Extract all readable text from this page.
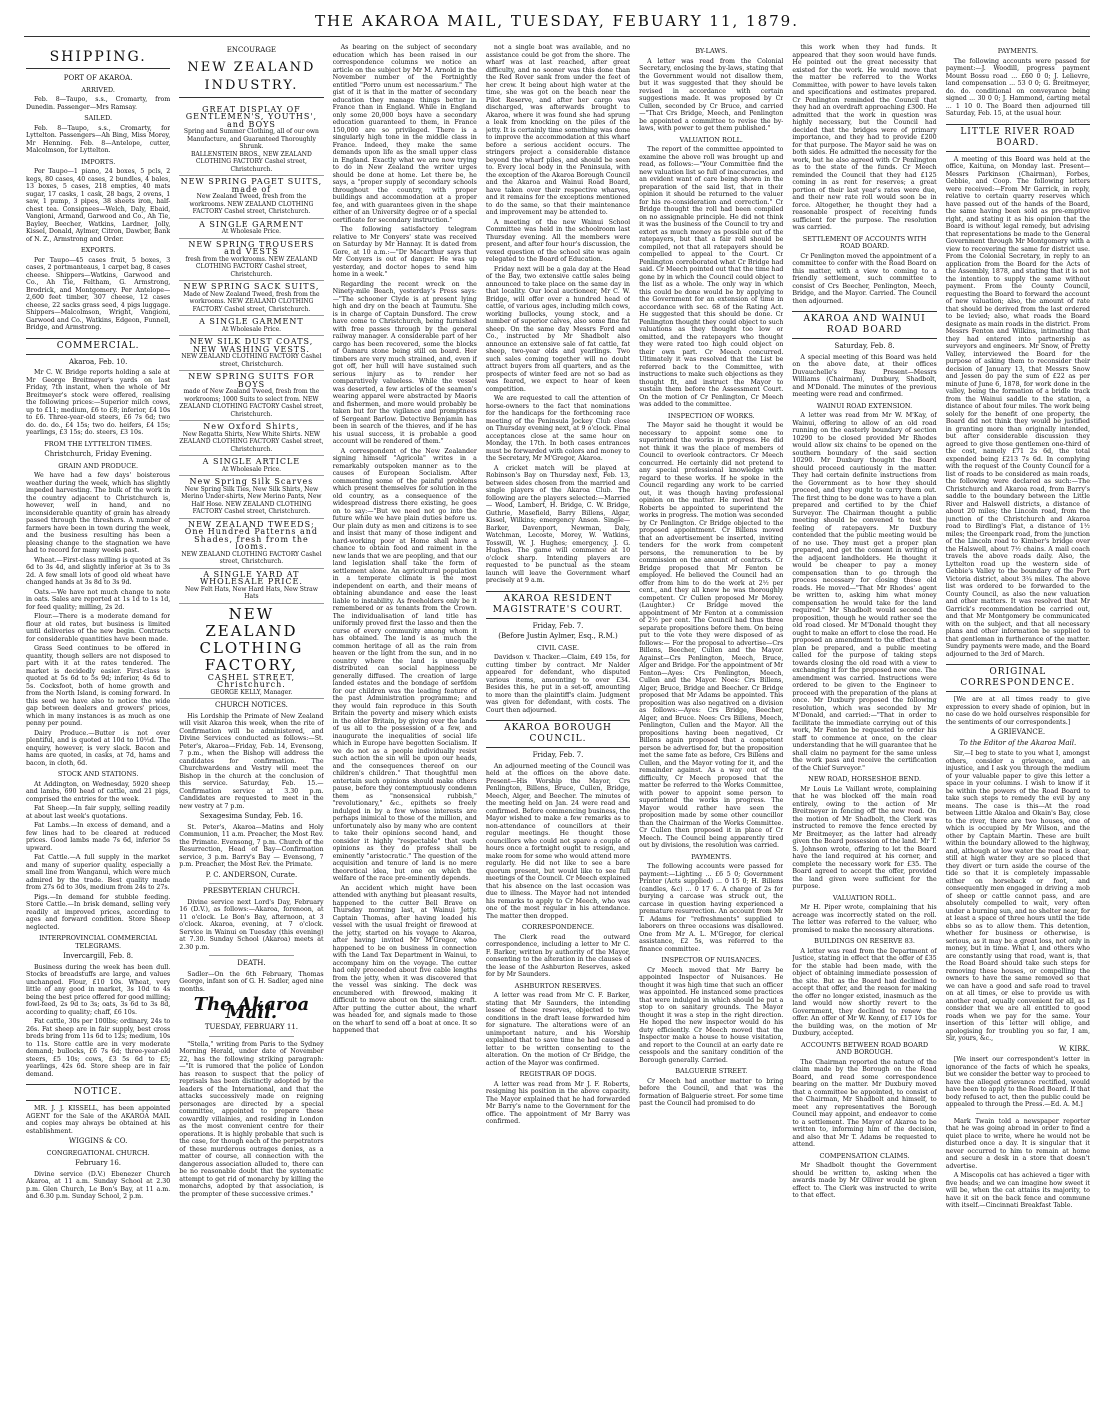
THE AKAROA MAIL, TUESDAY, FEBUARY 11, 1879.
SHIPPING.
PORT OF AKAROA.
ARRIVED.

Feb. 8—Taupo, s.s., Cromarty, from Dunedin. Passenger—Mrs Ramsay.

SAILED.

Feb. 8—Taupo, s.s., Cromarty, for Lyttelton. Passengers—Ah Bing, Miss Morey, Mr Henning. Feb. 8—Antelope, cutter, Malcolmson, for Lyttelton.

IMPORTS.

Per Taupo—1 piano, 24 boxes, 5 pcls, 2 kegs, 80 cases, 40 cases, 2 bundles, 4 bales, 13 boxes, 5 cases, 218 empties, 40 mats sugar, 17 casks, 1 cask, 28 bags, 2 ovens, 1 saw, 1 pump, 3 pipes, 38 sheets iron, half-chest tea. Consignees—Welch, Daly, Ebaid, Vangioni, Armand, Garwood and Co., Ah Tie, Bayley, Beecher, Watkins, Lardner, Jolly, Kissel, Donald, Aylmer, Citron, Dawber, Bank of N. Z., Armstrong and Order.

EXPORTS.

Per Taupo—45 cases fruit, 5 boxes, 3 cases, 2 portmanteaus, 1 carpet bag, 8 cases cheese. Shippers—Watkins, Garwood and Co., Ah Tie, Feltham, G. Armstrong, Brodrick, and Montgomery. Per Antelope—2,600 feet timber, 307 cheese, 12 cases cheese, 22 sacks grass seed, 4 pigs luggage. Shippers—Malcolmson, Wright, Vangioni, Garwood and Co., Watkins, Edgeon, Funnell, Bridge, and Armstrong.

COMMERCIAL.
Akaroa, Feb. 10.

Mr C. W. Bridge reports holding a sale at Mr George Breitmeyer's yards on last Friday, 7th instant, when the whole of Mr Breitmeyer's stock were offered, realising the following prices:—Superior milch cows, up to £11; medium, £6 to £8; inferior, £4 10s to £6. Three-year-old steers, £6 7s 6d; two do. do. do., £4 15s; two do. heifers, £4 15s; yearlings, £3 15s; do. steers, £3 10s.

FROM THE LYTTELTON TIMES.
Christchurch, Friday Evening.
GRAIN AND PRODUCE.

We have had a few days' boisterous weather during the week, which has slightly impeded harvesting. The bulk of the work in the country adjacent to Christchurch is, however, well in hand, and no inconsiderable quantity of grain has already passed through the threshers. A number of farmers have been in town during the week, and the business resulting has been a pleasing change to the stagnation we have had to record for many weeks past.

Wheat.—First-class milling is quoted at 3s 6d to 3s 4d, and slightly inferior at 3s to 3s 2d. A few small lots of good old wheat have changed hands at 3s 8d to 3s 9d.

Oats.—We have not much change to note in oats. Sales are reported at 1s 1d to 1s 1d, for feed quality; milling, 2s 2d.

Flour.—There is a moderate demand for flour at old rates, but business is limited until deliveries of the new begin. Contracts for considerable quantities have been made.

Grass Seed continues to be offered in quantity, though sellers are not disposed to part with it at the rates tendered. The market is decidedly easier. First-class is quoted at 5s 6d to 5s 9d; inferior, 4s 6d to 5s. Cocksfoot, both of home growth and from the North Island, is coming forward. In this seed we have also to notice the wide gap between dealers and growers' prices, which in many instances is as much as one penny per pound.

Dairy Produce.—Butter is not over plentiful, and is quoted at 10d to 10½d. The enquiry, however, is very slack. Bacon and hams are quoted, in casks, at 7d, hams and bacon, in cloth, 6d.

STOCK AND STATIONS.

At Addington, on Wednesday, 5920 sheep and lambs, 690 head of cattle, and 21 pigs, comprised the entries for the week.

Fat Sheep.—In fair supply, selling readily at about last week's quotations.

Fat Lambs.—In excess of demand, and a few lines had to be cleared at reduced prices. Good lambs made 7s 6d, inferior 5s upward.

Fat Cattle.—A full supply in the market and many of superior quality, especially a small line from Wanganui, which were much admired by the trade. Best quality made from 27s 6d to 30s, medium from 24s to 27s.

Pigs.—In demand for stubble feeding. Store Cattle.—In brisk demand, selling very readily at improved prices, according to ages and forward condition. Store Sheep neglected.

INTERPROVINCIAL COMMERCIAL TELEGRAMS.
Invercargill, Feb. 8.

Business during the week has been dull. Stocks of breadstuffs are large, and values unchanged. Flour, £10 10s. Wheat, very little of any good in market, 3s 10d to 4s being the best price offered for good milling; fowl-feed, 2s 9d to 3s; oats, 3s 6d to 3s 8d, according to quality; chaff, £6 10s.

Fat cattle, 30s per 100lbs; ordinary, 24s to 26s. Fat sheep are in fair supply, best cross breds bring from 11s 6d to 12s; medium, 10s to 11s. Store cattle are in very moderate demand; bullocks, £6 7s 6d; three-year-old steers, £5 10s; cows, £3 5s 6d to £5; yearlings, 42s 6d. Store sheep are in fair demand.

NOTICE.

MR. J. J. KISSELL, has been appointed AGENT for the Sale of the AKAROA MAIL and copies may always be obtained at his establishment.

WIGGINS & CO.
CONGREGATIONAL CHURCH.
February 16.

Divine service (D.V.) Ebenezer Church Akaroa, at 11 a.m. Sunday School at 2.30 p.m. Glen Church, Le Bon's Bay, at 11 a.m. and 6.30 p.m. Sunday School, 2 p.m.

ENCOURAGE
NEW ZEALAND INDUSTRY.
GREAT DISPLAY OF GENTLEMEN'S, YOUTHS', and BOYS
Spring and Summer Clothing, all of our own Manufacture, and Guaranteed Thoroughly Shrunk.
BALLENSTEIN BROS., NEW ZEALAND CLOTHING FACTORY Cashel street, Christchurch.
NEW SPRING PAGET SUITS, made of
New Zealand Tweed, fresh from the workrooms. NEW ZEALAND CLOTHING FACTORY Cashel street, Christchurch.
A SINGLE GARMENT
At Wholesale Price.
NEW SPRING TROUSERS and VESTS
fresh from the workrooms. NEW ZEALAND CLOTHING FACTORY Cashel street, Christchurch.
NEW SPRING SACK SUITS,
Made of New Zealand Tweed, fresh from the workrooms. NEW ZEALAND CLOTHING FACTORY Cashel street, Christchurch.
A SINGLE GARMENT
At Wholesale Price.
NEW SILK DUST COATS, NEW WASHING VESTS.
NEW ZEALAND CLOTHING FACTORY Cashel street, Christchurch.
NEW SPRING SUITS FOR BOYS
made of New Zealand Tweed, fresh from the workrooms; 1000 Suits to select from. NEW ZEALAND CLOTHING FACTORY Cashel street, Christchurch.
New Oxford Shirts,
New Regatta Shirts, New White Shirts. NEW ZEALAND CLOTHING FACTORY Cashel street, Christchurch.
A SINGLE ARTICLE
At Wholesale Price.
New Spring Silk Scarves
New Spring Silk Ties, New Silk Shirts, New Merino Under-shirts, New Merino Pants, New Half Hose. NEW ZEALAND CLOTHING FACTORY Cashel street, Christchurch.
NEW ZEALAND TWEEDS; One Hundred Patterns and Shades, fresh from the looms.
NEW ZEALAND CLOTHING FACTORY Cashel street, Christchurch.
A SINGLE YARD AT WHOLESALE PRICE.
New Felt Hats, New Hard Hats, New Straw Hats
NEW ZEALAND CLOTHING FACTORY,
CASHEL STREET, Christchurch.
GEORGE KELLY, Manager.
CHURCH NOTICES.

His Lordship the Primate of New Zealand will visit Akaroa this week, when the rite of Confirmation will be administered, and Divine Services conducted as follows:—St. Peter's, Akaroa—Friday, Feb. 14, Evensong, 7 p.m., when the Bishop will address the candidates for confirmation. The Churchwardens and Vestry will meet the Bishop in the church at the conclusion of this service. Saturday, Feb. 15.—Confirmation service at 3.30 p.m. Candidates are requested to meet in the new vestry at 7 p.m.

Sexagesima Sunday, Feb. 16.

St. Peter's, Akaroa—Matins and Holy Communion, 11 a.m. Preacher, the Most Rev. the Primate. Evensong, 7 p.m. Church of the Resurrection, Head of Bay—Confirmation service, 3 p.m. Barry's Bay — Evensong, 7 p.m. Preacher, the Most Rev. the Primate.

P. C. ANDERSON, Curate.
PRESBYTERIAN CHURCH.

Divine service next Lord's Day, February 16 (D.V.), as follows:—Akaroa, forenoon, at 11 o'clock. Le Bon's Bay, afternoon, at 3 o'clock. Akaroa, evening, at 7 o'clock. Service in Wainui on Tuesday (this evening) at 7.30. Sunday School (Akaroa) meets at 2.30 p.m.

DEATH.

Sadler—On the 6th February, Thomas George, infant son of G. H. Sadler, aged nine months.

The Akaroa Mail.
TUESDAY, FEBRUARY 11.

"Stella," writing from Paris to the Sydney Morning Herald, under date of November 22, has the following striking paragraph:—"It is rumored that the police of London has reason to suspect that the policy of reprisals has been distinctly adopted by the leaders of the International, and that the attacks successively made on reigning personages are directed by a special committee, appointed to prepare these cowardly villainies, and residing in London as the most convenient centre for their operations. It is highly probable that such is the case, for though each of the perpetrators of these murderous outrages denies, as a matter of course, all connection with the dangerous association alluded to, there can be no reasonable doubt that the systematic attempt to get rid of monarchy by killing the monarchs, adopted by that association, is the prompter of these successive crimes."

As bearing on the subject of secondary education which has been raised in our correspondence columns we notice an article on the subject by Mr M. Arnold in the November number of the Fortnightly entitled "Porro unum est necessarium." The gist of it is that in the matter of secondary education they manage things better in France than in England. While in England only some 20,000 boys have a secondary education guaranteed to them, in France 150,000 are so privileged. There is a singularly high tone in the middle class in France. Indeed, they make the same demands upon life as the small upper class in England. Exactly what we are now trying to do in New Zealand the writer urges should be done at home. Let there be, he says, a "proper supply of secondary schools throughout the country, with proper buildings and accommodation at a proper fee, and with guarantees given in the shape either of an University degree or of a special certificate for secondary instruction."

The following satisfactory telegram relative to Mr Conyers' state was received on Saturday by Mr Hannay. It is dated from Gore, at 10 a.m.:—"Dr Macarthur says that Mr Conyers is out of danger. He was up yesterday, and doctor hopes to send him home in a week."

Regarding the recent wreck on the Ninety-mile Beach, yesterday's Press says: —"The schooner Clyde is at present lying high and dry on the beach at Taumutu. She is in charge of Captain Dunsford. The crew have come to Christchurch, being furnished with free passes through by the general railway manager. A considerable part of her cargo has been recovered, some the blocks of Oamaru stone being still on board. Her timbers are very much strained, and, even if got off, her hull will have sustained such serious injury as to render her comparatively valueless. While the vessel was deserted, a few articles of the seamen's wearing apparel were abstracted by Maoris and fishermen, and more would probably be taken but for the vigilance and promptness of Sergeant Barlow. Detective Benjamin has been in search of the thieves, and if he has his usual success, it is probable a good account will be rendered of them."

A correspondent of the New Zealander signing himself "Agricola" writes in a remarkably outspoken manner as to the causes of European Socialism. After commenting some of the painful problems which present themselves for solution in the old country, as a consequence of the widespread distress there existing, he goes on to say:—"But we need not go into the future while we have plain duties before us. Our plain duty as men and citizens is to see and insist that many of those indigent and hard-working poor at Home shall have a chance to obtain food and raiment in the new lands that we are peopling, and that our land legislation shall take the form of settlement alone. An agricultural population in a temperate climate is the most independent on earth, and their means of obtaining abundance and ease the least liable to instability. As freeholders only be it remembered or as tenants from the Crown. The individualisation of land title has uniformly proved first the lasso and then the curse of every community among whom it has obtained. The land is as much the common heritage of all as the rain from heaven or the light from the sun, and in no country where the land is unequally distributed can social happiness be generally diffused. The creation of large landed estates and the bondage of serfdom for our children was the leading feature of the past Administration programme; and they would fain reproduce in this South Britain the poverty and misery which exists in the older Britain, by giving over the lands of us all to the possession of a few, and inaugurate the inequalities of social life which in Europe have begotten Socialism. If we do not as a people individually resist such action the sin will be upon our heads, and the consequences thereof on our children's children." That thoughtful men entertain such opinions should make others pause, before they contemptuously condemn them as "nonsensical rubbish," "revolutionary," &c., epithets so freely indulged in by a few whose interests are perhaps inimical to those of the million, and unfortunately also by many who are content to take their opinions second hand, and consider it highly "respectable" that such opinions as they do profess shall be eminently "aristocratic." The question of the acquisition and tenure of land is no mere theoretical idea, but one on which the welfare of the race pre-eminently depends.

An accident which might have been attended with anything but pleasant results, happened to the cutter Bell Brave on Thursday morning last, at Wainui Jetty. Captain Thomas, after having loaded his vessel with the usual freight or firewood at the jetty, started on his voyage to Akaroa, after having invited Mr M'Gregor, who happened to be on business in connection with the Land Tax Department in Wainui, to accompany him on the voyage. The cutter had only proceeded about five cable lengths from the jetty, when it was discovered that the vessel was sinking. The deck was encumbered with firewood, making it difficult to move about on the sinking craft. After putting the cutter about, the wharf was headed for, and signals made to those on the wharf to send off a boat at once. It so happened that

not a single boat was available, and no assistance could be got from the shore. The wharf was at last reached, after great difficulty, and no sooner was this done than the Red Rover sank from under the feet of her crew. It being about high water at the time, she was got on the beach near the Pilot Reserve, and after her cargo was discharged, was afterwards brought to Akaroa, where it was found she had sprung a leak from knocking on the piles of the jetty. It is certainly time something was done to improve the accommodation at this wharf before a serious accident occurs. The stringers project a considerable distance beyond the wharf piles, and should be seen to. Every local body in the Peninsula, with the exception of the Akaroa Borough Council and the Akaroa and Wainui Road Board, have taken over their respective wharves, and it remains for the exceptions mentioned to do the same, so that their maintenance and improvement may be attended to.

A meeting of the new Wainui School Committee was held in the schoolroom last Thursday evening. All the members were present, and after four hour's discussion, the vexed question of the school site was again relegated to the Board of Education.

Friday next will be a gala day at the Head of the Bay, two extensive cattle sales being announced to take place on the same day in that locality. Our local auctioneer, Mr C. W. Bridge, will offer over a hundred head of cattle, of various ages, including milch cows, working bullocks, young stock, and a number of superior calves, also some fine fat sheep. On the same day Messrs Ford and Co., instructed by Mr Shadbolt also announce an extensive sale of fat cattle, fat sheep, two-year olds and yearlings. Two such sales coming together will no doubt attract buyers from all quarters, and as the prospects of winter feed are not so bad as was feared, we expect to hear of keen competition.

We are requested to call the attention of horse-owners to the fact that nominations for the handicaps for the forthcoming race meeting of the Peninsula Jockey Club close on Thursday evening next, at 9 o'clock. Final acceptances close at the same hour on Monday, the 17th. In both cases entrances must be forwarded with colors and money to the Secretary, Mr M'Gregor, Akaroa.

A cricket match will be played at Robinson's Bay on Thursday next, Feb. 13, between sides chosen from the married and single players of the Akaroa Club. The following are the players selected:—Married — Wood, Lambert, H. Bridge, C. W. Bridge, Guthrie, Masefield, Barry Billens, Algar, Kissel, Wilkins; emergency Anson. Single—Barker, Davenport, Newman, Daly, Watchman, Lecoste, Morey, W. Watkins, Tosswill, W. J. Hughes; emergency, J. G. Hughes. The game will commence at 10 o'clock sharp. Intending players are requested to be punctual as the steam launch will leave the Government wharf precisely at 9 a.m.

AKAROA RESIDENT MAGISTRATE'S COURT.
Friday, Feb. 7.
(Before Justin Aylmer, Esq., R.M.)
CIVIL CASE.

Davidson v. Thacker.—Claim, £49 15s, for cutting timber by contract. Mr Nalder appeared for defendant, who disputed various items, amounting to over £34. Besides this, he put in a set-off, amounting to more than the plaintiff's claim. Judgment was given for defendant, with costs. The Court then adjourned.

AKAROA BOROUGH COUNCIL.
Friday, Feb. 7.

An adjourned meeting of the Council was held at the offices on the above date. Present—His Worship the Mayor, Crs Penlington, Billens, Bruce, Cullen, Bridge, Meech, Alger, and Beecher. The minutes of the meeting held on Jan. 24 were read and confirmed. Before commencing business, the Mayor wished to make a few remarks as to non-attendance of councillors at their regular meetings. He thought those councillors who could not spare a couple of hours once a fortnight ought to resign, and make room for some who would attend more regularly. He did not like to see a bare quorum present, but would like to see full meetings of the Council. Cr Meech explained that his absence on the last occasion was due to illness. The Mayor had not intended his remarks to apply to Cr Meech, who was one of the most regular in his attendance. The matter then dropped.

CORRESPONDENCE.

The Clerk read the outward correspondence, including a letter to Mr C. F. Barker, written by authority of the Mayor, consenting to the alteration in the clauses of the lease of the Ashburton Reserves, asked for by Mr Saunders.

ASHBURTON RESERVES.

A letter was read from Mr C. F. Barker, stating that Mr Saunders, the intending lessee of these reserves, objected to two conditions in the draft lease forwarded him for signature. The alterations were of an unimportant nature, and his Worship explained that to save time he had caused a letter to be written consenting to the alteration. On the motion of Cr Bridge, the action of the Mayor was confirmed.

REGISTRAR OF DOGS.

A letter was read from Mr J. F. Roberts, resigning his position in the above capacity. The Mayor explained that he had forwarded Mr Barry's name to the Government for the office. The appointment of Mr Barry was confirmed.

BY-LAWS.

A letter was read from the Colonial Secretary, enclosing the by-laws, stating that the Government would not disallow them, but it was suggested that they should be revised in accordance with certain suggestions made. It was proposed by Cr Cullen, seconded by Cr Bruce, and carried—"That Crs Bridge, Meech, and Penlington be appointed a committee to revise the by-laws, with power to get them published."

VALUATION ROLL.

The report of the committee appointed to examine the above roll was brought up and read, as follows:—"Your Committee find the new valuation list so full of inaccuracies, and an evident want of care being shown in the preparation of the said list, that in their opinion it should be returned to the valuer for his re-consideration and correction." Cr Bridge thought the roll had been compiled on no assignable principle. He did not think it was the business of the Council to try and extort as much money as possible out of the ratepayers, but that a fair roll should be compiled, not that all ratepayers should be compelled to appeal to the Court. Cr Penlington corroborated what Cr Bridge had said. Cr Meech pointed out that the time had gone by in which the Council could object to the list as a whole. The only way in which this could be done would be by applying to the Government for an extension of time in accordance with sec. 68 of the Rating Act. He suggested that this should be done. Cr Penlington thought they could object to such valuations as they thought too low or omitted, and the ratepayers who thought they were rated too high could object on their own part. Cr Meech concurred. Ultimately it was resolved that the List be referred back to the Committee, with instructions to make such objections as they thought fit, and instruct the Mayor to sustain them before the Assessment Court. On the motion of Cr Penlington, Cr Meech was added to the committee.

INSPECTION OF WORKS.

The Mayor said he thought it would be necessary to appoint some one to superintend the works in progress. He did not think it was the place of members of Council to overlook contractors. Cr Meech concurred. He certainly did not pretend to any special professional knowledge with regard to these works. If he spoke in the Council regarding any work to be carried out, it was though having professional opinion on the matter. He moved that Mr Roberts be appointed to superintend the works in progress. The motion was seconded by Cr Penlington. Cr Bridge objected to the proposed appointment. Cr Billens moved that an advertisement be inserted, inviting tenders for the work from competent persons, the remuneration to be by commission on the amount of contracts. Cr Bridge proposed that Mr Fenton be employed. He believed the Council had an offer from him to do the work at 2½ per cent., and they all knew he was thoroughly competent. Cr Cullen proposed Mr Morey. (Laughter.) Cr Bridge moved the appointment of Mr Fenton at a commission of 2½ per cent. The Council had thus three separate propositions before them. On being put to the vote they were disposed of as follows:— For the proposal to advertise—Crs Billens, Beecher, Cullen and the Mayor. Against—Crs Penlington, Meech, Bruce, Alger and Bridge. For the appointment of Mr Fenton—Ayes: Crs Penlington, Meech, Cullen and the Mayor. Noes: Crs Billens, Alger, Bruce, Bridge and Beecher. Cr Bridge proposed that Mr Adams be appointed. This proposition was also negatived on a division as follows:—Ayes: Crs Bridge, Beecher, Alger, and Bruce. Noes: Crs Billens, Meech, Penlington, Cullen and the Mayor. All the propositions having been negatived, Cr Billens again proposed that a competent person be advertised for, but the proposition met the same fate as before, Crs Billens and Cullen, and the Mayor voting for it, and the remainder against. As a way out of the difficulty, Cr Meech proposed that the matter be referred to the Works Committee, with power to appoint some person to superintend the works in progress. The Mayor would rather have seen the proposition made by some other councillor than the Chairman of the Works Committee. Cr Cullen then proposed it in place of Cr Meech. The Council being apparently tired out by divisions, the resolution was carried.

PAYMENTS.

The following accounts were passed for payment:—Lighting ... £6 5 0; Government Printer (Acts supplied) ... 0 15 0; H. Billens (candles, &c) ... 0 17 6. A charge of 2s for burying a carcase was struck out, the carcase in question having experienced a premature resurrection. An account from Mr T. Adams for "refreshments" supplied to laborers on three occasions was disallowed. One from Mr A. L. M'Gregor, for clerical assistance, £2 5s, was referred to the finance committee.

INSPECTOR OF NUISANCES.

Cr Meech moved that Mr Barry be appointed Inspector of Nuisances. He thought it was high time that such an officer was appointed. He instanced some practices that were indulged in which should be put a stop to on sanitary grounds. The Mayor thought it was a step in the right direction. He hoped the new inspector would do his duty efficiently. Cr Meech moved that the Inspector make a house to house visitation, and report to the Council at an early date re cesspools and the sanitary condition of the Borough generally. Carried.

BALGUERIE STREET.

Cr Meech had another matter to bring before the Council, and that was the formation of Balguerie street. For some time past the Council had promised to do

this work when they had funds. It appeared that they soon would have funds. He pointed out the great necessity that existed for the work. He would move that the matter be referred to the Works Committee, with power to have levels taken and specifications and estimates prepared. Cr Penlington reminded the Council that they had an overdraft approaching £300. He admitted that the work in question was highly necessary, but the Council had decided that the bridges were of primary importance, and they had to provide £200 for that purpose. The Mayor said he was on both sides. He admitted the necessity for the work, but he also agreed with Cr Penlington as to the state of the funds. Cr Meech reminded the Council that they had £125 coming in as rent for reserves; a great portion of their last year's rates were due, and their new rate roll would soon be in force. Altogether, he thought they had a reasonable prospect of receiving funds sufficient for the purpose. The resolution was carried.

SETTLEMENT OF ACCOUNTS WITH ROAD BOARD.

Cr Penlington moved the appointment of a committee to confer with the Road Board on this matter, with a view to coming to a friendly settlement, such committee to consist of Crs Beecher, Penlington, Meech, Bridge, and the Mayor. Carried. The Council then adjourned.

AKAROA AND WAINUI ROAD BOARD
Saturday, Feb. 8.

A special meeting of this Board was held on the above date, at their offices Duvauchelle's Bay. Present—Messrs Williams (Chairman), Duxbury, Shadbolt, and M'Donald. The minutes of the previous meeting were read and confirmed.

WAINUI ROAD EXTENSION.

A letter was read from Mr W. M'Kay, of Wainui, offering to allow of an old road running on the easterly boundary of section 10290 to be closed provided Mr Rhodes would allow six chains to be opened on the southern boundary of the said section 10290. Mr Duxbury thought the Board should proceed cautiously in the matter. They had certain definite instructions from the Government as to how they should proceed, and they ought to carry them out. The first thing to be done was to have a plan prepared and certified to by the Chief Surveyor. The Chairman thought a public meeting should be convened to test the feeling of ratepayers. Mr Duxbury contended that the public meeting would be of no use. They must get a proper plan prepared, and get the consent in writing of the adjacent landholders. He thought it would be cheaper to pay a money compensation than to go through the process necessary for closing these old roads. He moved—"That Mr Rhodes' agent be written to, asking him what money compensation he would take for the land required." Mr Shadbolt would second the proposition, though he would rather see the old road closed. Mr M'Donald thought they ought to make an effort to close the road. He proposed an amendment to the effect that a plan be prepared, and a public meeting called for the purpose of taking steps towards closing the old road with a view to exchanging it for the proposed new one. The amendment was carried. Instructions were ordered to be given to the Engineer to proceed with the preparation of the plans at once. Mr Duxbury proposed the following resolution, which was seconded by Mr M'Donald, and carried:—"That in order to facilitate the immediate carrying out of this work, Mr Fenton be requested to order his staff to commence at once, on the clear understanding that he will guarantee that he shall claim no payment for the same unless the work pass and receive the certification of the Chief Surveyor."

NEW ROAD, HORSESHOE BEND.

Mr Louis Le Vaillant wrote, complaining that he was blocked off the main road entirely, owing to the action of Mr Breitmeyer in fencing off the new road. On the motion of Mr Shadbolt, the Clerk was instructed to remove the fence erected by Mr Breitmeyer, as the latter had already given the Board possession of the land. Mr T. S. Johnson wrote, offering to let the Board have the land required at his corner, and complete the necessary work for £35. The Board agreed to accept the offer, provided the land given were sufficient for the purpose.

VALUATION ROLL.

Mr H. Piper wrote, complaining that his acreage was incorrectly stated on the roll. The letter was referred to the valuer, who promised to make the necessary alterations.

BUILDINGS ON RESERVE 83.

A letter was read from the Department of Justice, stating in effect that the offer of £35 for the stable had been made, with the object of obtaining immediate possession of the site. But as the Board had declined to accept that offer, and the reason for making the offer no longer existed, inasmuch as the land would now shortly revert to the Government, they declined to renew the offer. An offer of Mr W. Kenny, of £17 10s for the building was, on the motion of Mr Duxbury, accepted.

ACCOUNTS BETWEEN ROAD BOARD AND BOROUGH.

The Chairman reported the nature of the claim made by the Borough on the Road Board, and read some correspondence bearing on the matter. Mr Duxbury moved that a committee be appointed, to consist of the Chairman, Mr Shadbolt and himself, to meet any representatives the Borough Council may appoint, and endeavor to come to a settlement. The Mayor of Akaroa to be written to, informing him of the decision, and also that Mr T. Adams be requested to attend.

COMPENSATION CLAIMS.

Mr Shadbolt thought the Government should be written to, asking when the awards made by Mr Olliver would be given effect to. The Clerk was instructed to write to that effect.

PAYMENTS.

The following accounts were passed for payment:—J. Woodill, progress payment Mount Bossu road ... £60 0 0; J. Lelievre, land compensation ... 53 0 0; G. Breitmeyer, do. do. conditional on conveyance being signed ... 30 0 0; J. Hammond, carting metal ... 1 10 0. The Board then adjourned till Saturday, Feb. 15, at the usual hour.

LITTLE RIVER ROAD BOARD.

A meeting of this Board was held at the office, Kaituna, on Monday last. Present—Messrs Parkinson (Chairman), Forbes, Gebbie, and Coop. The following letters were received:—From Mr Garrick, in reply, relative to certain quarry reserves which have passed out of the hands of the Board, the same having been sold as pre-emptive right, and stating it as his opinion that the Board is without legal remedy, but advising that representations be made to the General Government through Mr Montgomery with a view to recovering the same for district use. From the Colonial Secretary, in reply to an application from the Board for the Acts of the Assembly, 1878, and stating that it is not the intention to supply the same without payment. From the County Council, requesting the Board to forward the account of new valuation; also, the amount of rate that should be derived from the last ordered to be levied; also, what roads the Board designate as main roads in the district. From Messrs Fenton and Wilkins, intimating that they had entered into partnership as surveyors and engineers. Mr Snow, of Pretty Valley, interviewed the Board for the purpose of asking them to reconsider their decision of January 13, that Messrs Snow and Jessen do pay the sum of £22 as per minute of June 6, 1878, for work done in the valley, being the formation of a bridle track from the Wainui saddle to the station, a distance of about four miles. The work being solely for the benefit of one property, the Board did not think they would be justified in granting more than originally intended, but after considerable discussion they agreed to give those gentlemen one-third of the cost, namely £71 2s 6d, the total expended being £213 7s 6d. In complying with the request of the County Council for a list of roads to be considered as main roads, the following were declared as such:—The Christchurch and Akaroa road, from Barry's saddle to the boundary between the Little River and Halswell districts, a distance of about 20 miles; the Lincoln road, from the junction of the Christchurch and Akaroa road to Birdling's Flat, a distance of 1½ miles; the Greenpark road, from the junction of the Lincoln road to Kimber's bridge over the Halswell, about 7½ chains. A mail coach travels the above roads daily. Also, the Lyttelton road up the western side of Gebbie's Valley to the boundary of the Port Victoria district, about 3¼ miles. The above list was ordered to be forwarded to the County Council, as also the new valuation and other matters. It was resolved that Mr Garrick's recommendation be carried out, and that Mr Montgomery be communicated with on the subject, and that all necessary plans and other information be supplied to that gentleman in furtherance of the matter. Sundry payments were made, and the Board adjourned to the 3rd of March.

ORIGINAL CORRESPONDENCE.

[We are at all times ready to give expression to every shade of opinion, but in no case do we hold ourselves responsible for the sentiments of our correspondents.]

A GRIEVANCE.
To the Editor of the Akaroa Mail.

Sir,—I beg to state to you what I, amongst others, consider a grievance, and an injustice, and I ask you through the medium of your valuable paper to give this letter a space in your columns. I wish to know if it be within the powers of the Road Board to take such steps to remedy the evil by any means. The case is this—At the road between Little Akaloa and Okain's Bay, close to the river, there are two houses, one of which is occupied by Mr Wilson, and the other by Captain Martin. These are built within the boundary allowed to the highway, and, although at low water the road is clear, still at high water they are so placed that they divert or turn aside the course of the tide so that it is completely impassable either on horseback or foot, and consequently men engaged in driving a mob of sheep or cattle cannot pass, and are absolutely compelled to wait, very often under a burning sun, and no shelter near, for at least a space of three hours until the tide ebbs so as to allow them. This detention, whether for business or otherwise, is serious, as it may be a great loss, not only in money, but in time. What I, and others who are constantly using that road, want is, that the Road Board should take such steps for removing these houses, or compelling the owners to have the same removed so that we can have a good and safe road to travel on at all times, or else to provide us with another road, equally convenient for all, as I consider that we are all entitled to good roads when we pay for the same. Your insertion of this letter will oblige, and apologising for troubling you so far, I am, Sir, yours, &c.,

W. KIRK.

[We insert our correspondent's letter in ignorance of the facts of which he speaks, but we consider the better way to proceed to have the alleged grievance rectified, would have been to apply to the Road Board. If that body refused to act, then the public could be appealed to through the Press.—Ed. A. M.]

Mark Twain told a newspaper reporter that he was going abroad in order to find a quiet place to write, where he would not be disturbed once a day. It is singular that it never occurred to him to remain at home and secure a desk in a store that doesn't advertise.

A Miscopolis cat has achieved a tiger with five heads; and we can imagine how sweet it will be, when the cat attains its majority, to have it sit on the back fence and commune with itself.—Cincinnati Breakfast Table.
